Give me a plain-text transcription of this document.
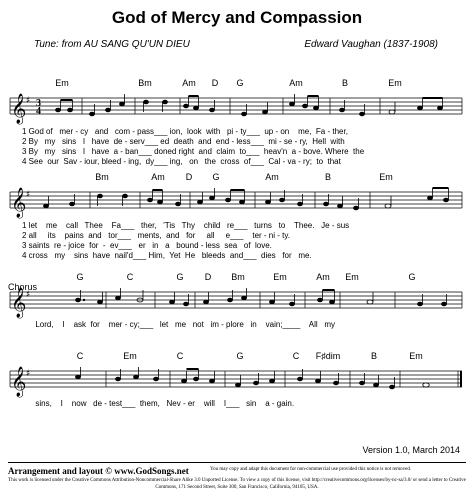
God of Mercy and Compassion
Tune: from AU SANG QU'UN DIEU	Edward Vaughan (1837-1908)
Em	Bm	Am D G	Am	B	Em
𝄞 ♯ 3
4
1 God of   mer - cy   and   com - pass___ ion,  look  with   pi - ty___  up - on    me,  Fa - ther,
2 By   my   sins   I   have  de - serv___ ed  death  and  end - less___  mi - se - ry,  Hell  with
3 By   my   sins   I   have  a - ban___ doned right  and  claim  to___  heav'n  a - bove. Where  the
4 See  our  Sav - iour, bleed - ing,  dy___ ing,   on   the  cross  of___  Cal - va - ry;  to  that
Bm	Am D G	Am	B	Em
𝄞 ♯
1 let    me    call   Thee    Fa___   ther,   'Tis   Thy    child   re___   turns   to    Thee.   Je - sus
2 all     its    pains  and   tor___   ments,  and   for     all     e___    ter - ni - ty.
3 saints  re - joice  for  -  ev___   er   in   a   bound - less  sea   of  love.
4 cross   my    sins  have  nail'd___ Him,  Yet  He   bleeds  and___  dies   for   me.
Chorus
G	C	G D Bm	Em	Am Em	G
𝄞 ♯
Lord,    I    ask  for    mer - cy;___   let   me   not   im - plore   in    vain;____    All   my
C	Em	C	G	C F♯dim	B	Em
𝄞 ♯
sins,    I    now   de - test___  them,   Nev - er    will    I___   sin    a - gain.
Version 1.0, March 2014
Arrangement and layout © www.GodSongs.net	You may copy and adapt this document for non-commercial use provided this notice is not removed.
This work is licensed under the Creative Commons Attribution-Noncommercial-Share Alike 3.0 Unported License. To view a copy of this license, visit http://creativecommons.org/licenses/by-nc-sa/3.0/ or send a letter to Creative Commons, 171 Second Street, Suite 300, San Francisco, California, 94105, USA.
